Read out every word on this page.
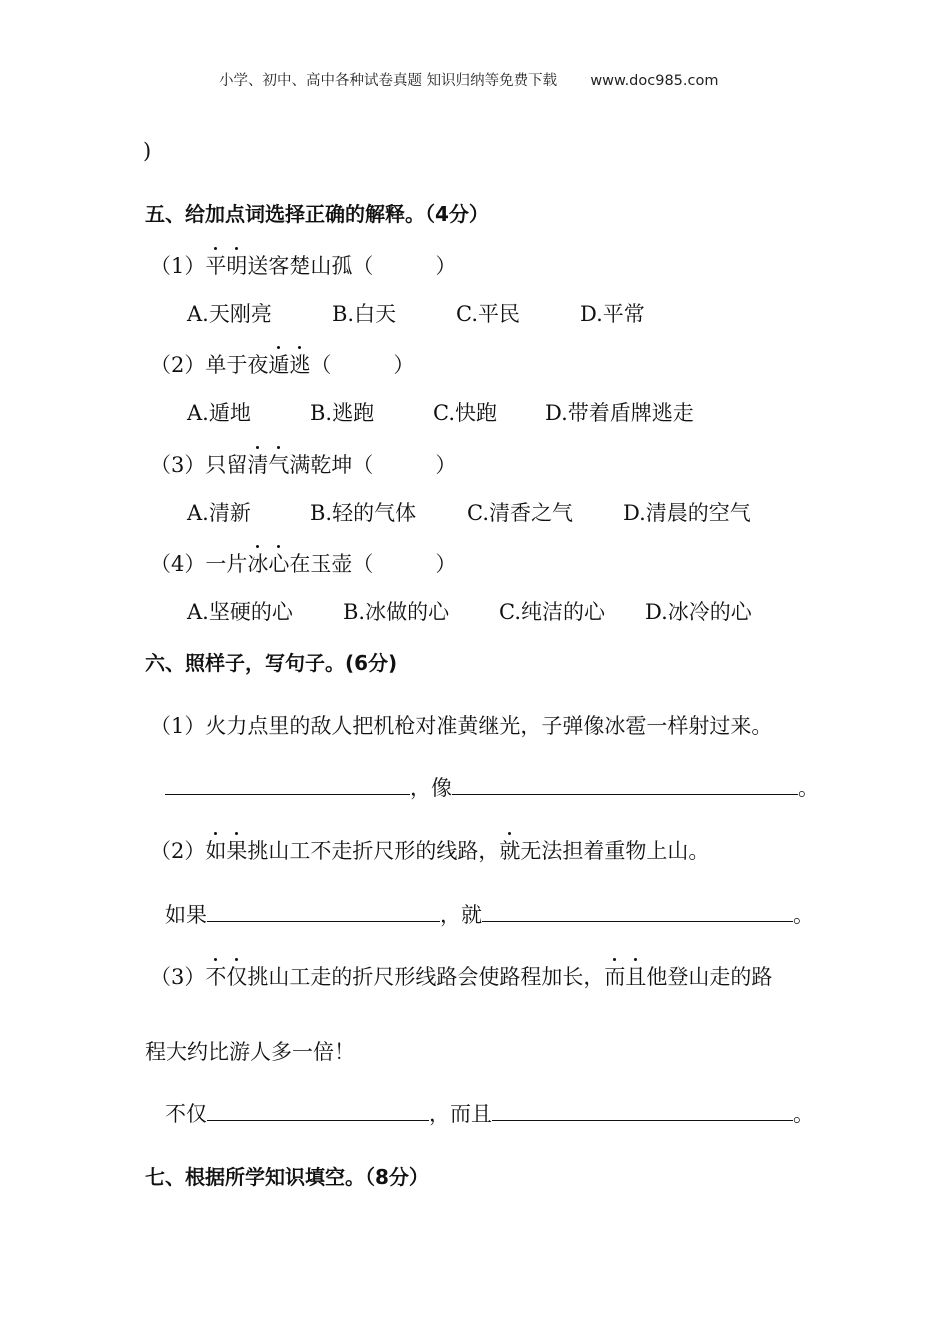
小学、初中、高中各种试卷真题 知识归纳等免费下载 www.doc985.com
)
五、给加点词选择正确的解释。（4分）
（1）平明送客楚山孤（	）
A.天刚亮	B.白天	C.平民	D.平常
（2）单于夜遁逃（	）
A.遁地	B.逃跑	C.快跑 D.带着盾牌逃走
（3）只留清气满乾坤（	）
A.清新	B.轻的气体 C.清香之气 D.清晨的空气
（4）一片冰心在玉壶（	）
A.坚硬的心 B.冰做的心 C.纯洁的心 D.冰冷的心
六、照样子，写句子。(6分)
（1）火力点里的敌人把机枪对准黄继光，子弹像冰雹一样射过来。
，像	。
（2）如果挑山工不走折尺形的线路，就无法担着重物上山。
如果	，就	。
（3）不仅挑山工走的折尺形线路会使路程加长，而且他登山走的路
程大约比游人多一倍！
不仅	，而且	。
七、根据所学知识填空。（8分）
